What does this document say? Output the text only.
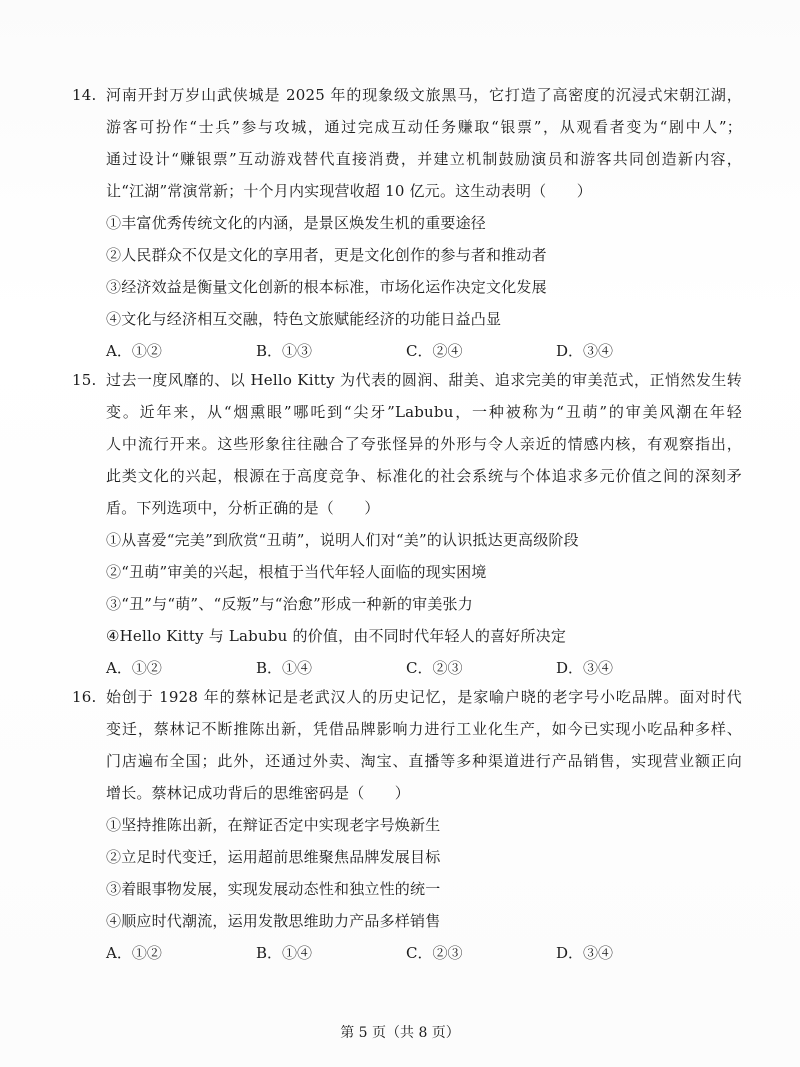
14. 河南开封万岁山武侠城是 2025 年的现象级文旅黑马，它打造了高密度的沉浸式宋朝江湖，
游客可扮作“士兵”参与攻城，通过完成互动任务赚取“银票”，从观看者变为“剧中人”；
通过设计“赚银票”互动游戏替代直接消费，并建立机制鼓励演员和游客共同创造新内容，
让“江湖”常演常新；十个月内实现营收超 10 亿元。这生动表明（　　）
①丰富优秀传统文化的内涵，是景区焕发生机的重要途径
②人民群众不仅是文化的享用者，更是文化创作的参与者和推动者
③经济效益是衡量文化创新的根本标准，市场化运作决定文化发展
④文化与经济相互交融，特色文旅赋能经济的功能日益凸显
A．①②	B．①③	C．②④	D．③④
15. 过去一度风靡的、以 Hello Kitty 为代表的圆润、甜美、追求完美的审美范式，正悄然发生转
变。近年来，从“烟熏眼”哪吒到“尖牙”Labubu，一种被称为“丑萌”的审美风潮在年轻
人中流行开来。这些形象往往融合了夸张怪异的外形与令人亲近的情感内核，有观察指出，
此类文化的兴起，根源在于高度竞争、标准化的社会系统与个体追求多元价值之间的深刻矛
盾。下列选项中，分析正确的是（　　）
①从喜爱“完美”到欣赏“丑萌”，说明人们对“美”的认识抵达更高级阶段
②“丑萌”审美的兴起，根植于当代年轻人面临的现实困境
③“丑”与“萌”、“反叛”与“治愈”形成一种新的审美张力
④Hello Kitty 与 Labubu 的价值，由不同时代年轻人的喜好所决定
A．①②	B．①④	C．②③	D．③④
16. 始创于 1928 年的蔡林记是老武汉人的历史记忆，是家喻户晓的老字号小吃品牌。面对时代
变迁，蔡林记不断推陈出新，凭借品牌影响力进行工业化生产，如今已实现小吃品种多样、
门店遍布全国；此外，还通过外卖、淘宝、直播等多种渠道进行产品销售，实现营业额正向
增长。蔡林记成功背后的思维密码是（　　）
①坚持推陈出新，在辩证否定中实现老字号焕新生
②立足时代变迁，运用超前思维聚焦品牌发展目标
③着眼事物发展，实现发展动态性和独立性的统一
④顺应时代潮流，运用发散思维助力产品多样销售
A．①②	B．①④	C．②③	D．③④
第 5 页（共 8 页）
